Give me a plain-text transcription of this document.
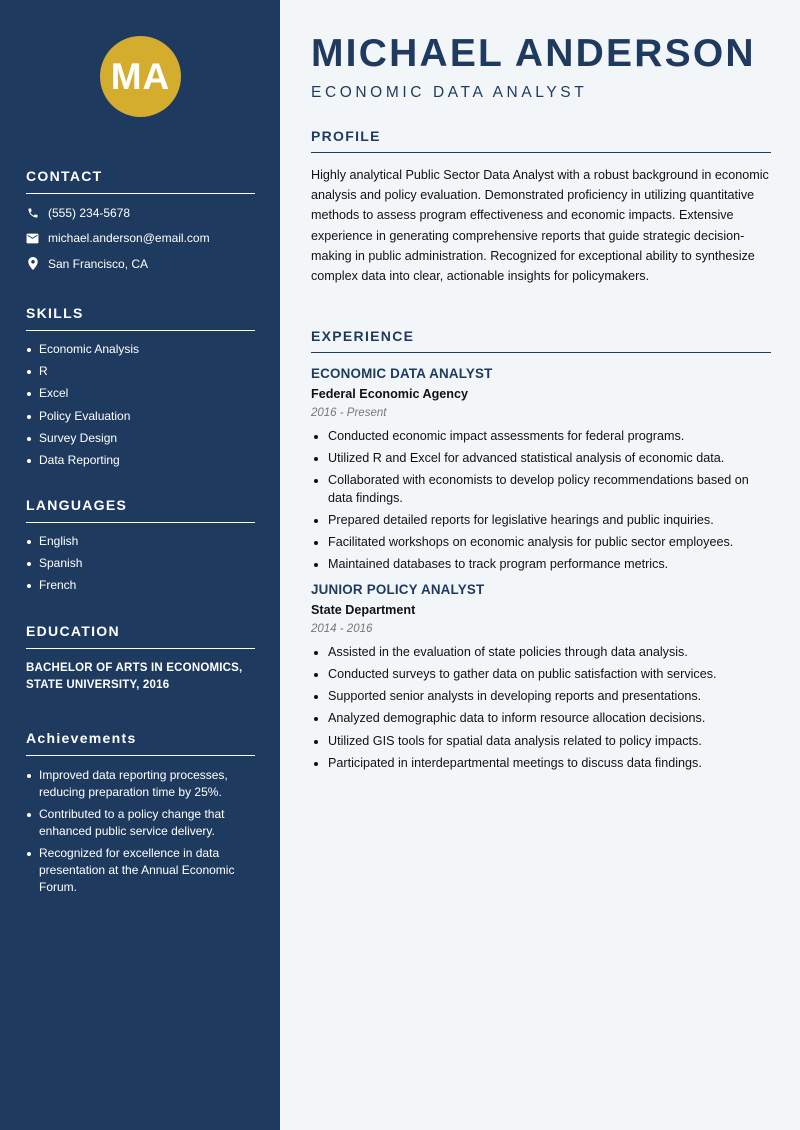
MA
CONTACT
(555) 234-5678
michael.anderson@email.com
San Francisco, CA
SKILLS
Economic Analysis
R
Excel
Policy Evaluation
Survey Design
Data Reporting
LANGUAGES
English
Spanish
French
EDUCATION
BACHELOR OF ARTS IN ECONOMICS,
STATE UNIVERSITY, 2016
Achievements
Improved data reporting processes, reducing preparation time by 25%.
Contributed to a policy change that enhanced public service delivery.
Recognized for excellence in data presentation at the Annual Economic Forum.
MICHAEL ANDERSON
ECONOMIC DATA ANALYST
PROFILE

Highly analytical Public Sector Data Analyst with a robust background in economic analysis and policy evaluation. Demonstrated proficiency in utilizing quantitative methods to assess program effectiveness and economic impacts. Extensive experience in generating comprehensive reports that guide strategic decision-making in public administration. Recognized for exceptional ability to synthesize complex data into clear, actionable insights for policymakers.

EXPERIENCE
ECONOMIC DATA ANALYST
Federal Economic Agency
2016 - Present
Conducted economic impact assessments for federal programs.
Utilized R and Excel for advanced statistical analysis of economic data.
Collaborated with economists to develop policy recommendations based on data findings.
Prepared detailed reports for legislative hearings and public inquiries.
Facilitated workshops on economic analysis for public sector employees.
Maintained databases to track program performance metrics.
JUNIOR POLICY ANALYST
State Department
2014 - 2016
Assisted in the evaluation of state policies through data analysis.
Conducted surveys to gather data on public satisfaction with services.
Supported senior analysts in developing reports and presentations.
Analyzed demographic data to inform resource allocation decisions.
Utilized GIS tools for spatial data analysis related to policy impacts.
Participated in interdepartmental meetings to discuss data findings.
